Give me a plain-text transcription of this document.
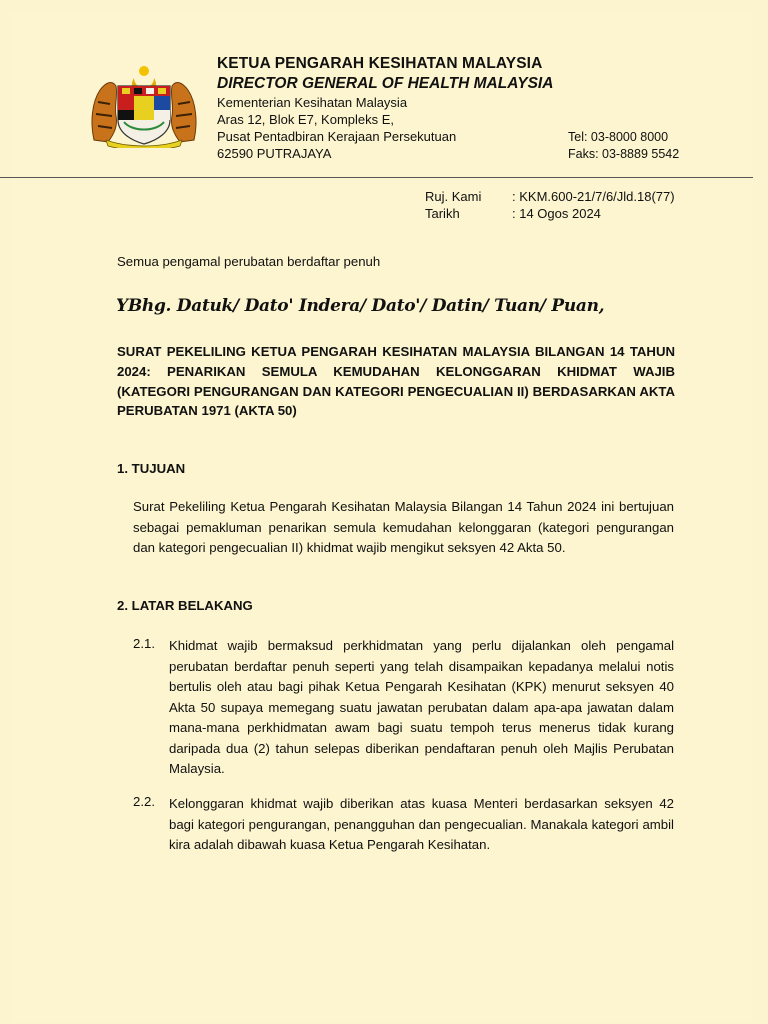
KETUA PENGARAH KESIHATAN MALAYSIA
DIRECTOR GENERAL OF HEALTH MALAYSIA
Kementerian Kesihatan Malaysia
Aras 12, Blok E7, Kompleks E,
Pusat Pentadbiran Kerajaan Persekutuan
62590 PUTRAJAYA
Tel: 03-8000 8000
Faks: 03-8889 5542
Ruj. Kami : KKM.600-21/7/6/Jld.18(77)
Tarikh	: 14 Ogos 2024
Semua pengamal perubatan berdaftar penuh
YBhg. Datuk/ Dato' Indera/ Dato'/ Datin/ Tuan/ Puan,
SURAT PEKELILING KETUA PENGARAH KESIHATAN MALAYSIA BILANGAN 14 TAHUN 2024: PENARIKAN SEMULA KEMUDAHAN KELONGGARAN KHIDMAT WAJIB (KATEGORI PENGURANGAN DAN KATEGORI PENGECUALIAN II) BERDASARKAN AKTA PERUBATAN 1971 (AKTA 50)
1. TUJUAN
Surat Pekeliling Ketua Pengarah Kesihatan Malaysia Bilangan 14 Tahun 2024 ini bertujuan sebagai pemakluman penarikan semula kemudahan kelonggaran (kategori pengurangan dan kategori pengecualian II) khidmat wajib mengikut seksyen 42 Akta 50.
2. LATAR BELAKANG
2.1. Khidmat wajib bermaksud perkhidmatan yang perlu dijalankan oleh pengamal perubatan berdaftar penuh seperti yang telah disampaikan kepadanya melalui notis bertulis oleh atau bagi pihak Ketua Pengarah Kesihatan (KPK) menurut seksyen 40 Akta 50 supaya memegang suatu jawatan perubatan dalam apa-apa jawatan dalam mana-mana perkhidmatan awam bagi suatu tempoh terus menerus tidak kurang daripada dua (2) tahun selepas diberikan pendaftaran penuh oleh Majlis Perubatan Malaysia.
2.2. Kelonggaran khidmat wajib diberikan atas kuasa Menteri berdasarkan seksyen 42 bagi kategori pengurangan, penangguhan dan pengecualian. Manakala kategori ambil kira adalah dibawah kuasa Ketua Pengarah Kesihatan.
